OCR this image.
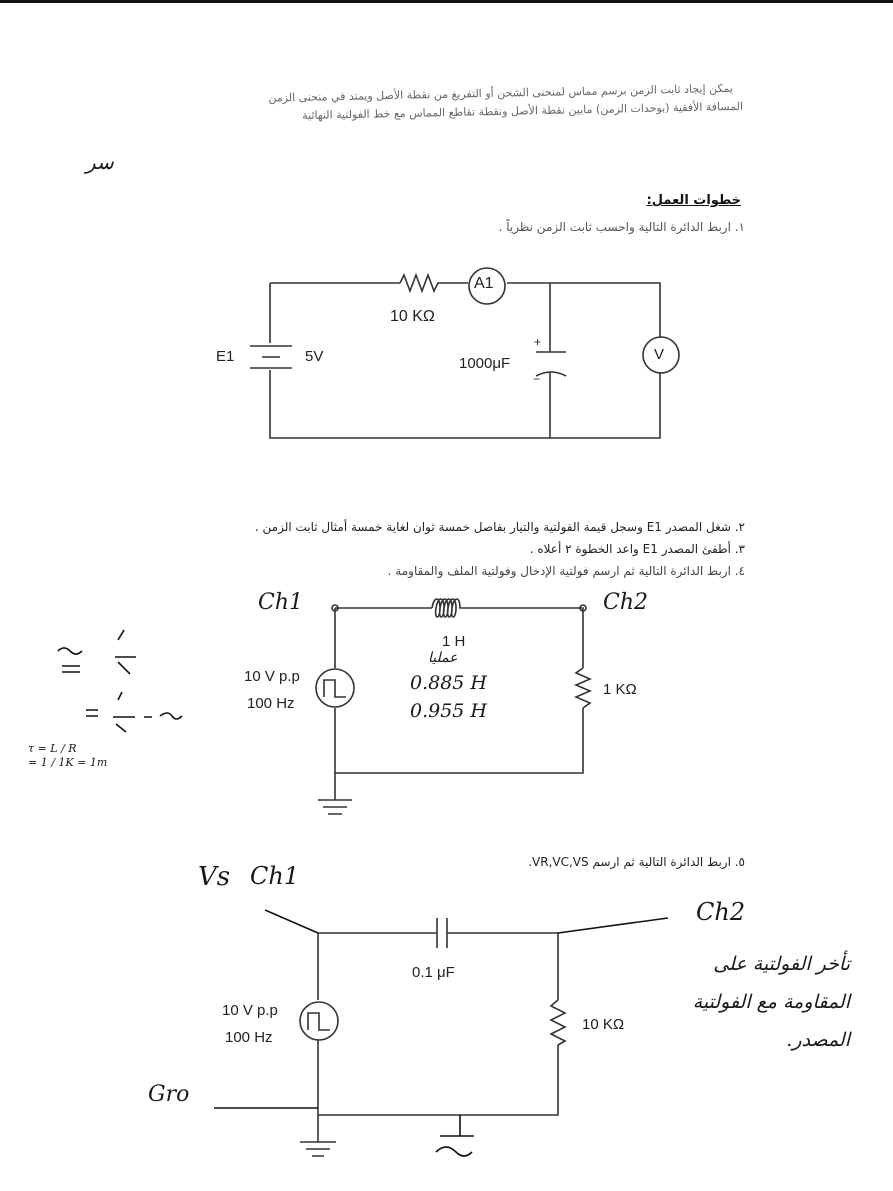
يمكن إيجاد ثابت الزمن برسم مماس لمنحنى الشحن أو التفريغ من نقطة الأصل ويمتد في منحنى الزمن
المسافة الأفقية (بوحدات الزمن) مابين نقطة الأصل ونقطة تقاطع المماس مع خط الفولتية النهائية
سر
خطوات العمل:
١. اربط الدائرة التالية واحسب ثابت الزمن نظرياً .
A1
10 KΩ
E1	5V	1000μF
+
−
V
٢. شغل المصدر E1 وسجل قيمة الفولتية والتيار بفاصل خمسة ثوان لغاية خمسة أمثال ثابت الزمن .
٣. أطفئ المصدر E1 واعد الخطوة ٢ أعلاه .
٤. اربط الدائرة التالية ثم ارسم فولتية الإدخال وفولتية الملف والمقاومة .
Ch1	Ch2
1 H
عمليا
0.885 H
0.955 H
10 V p.p
100 Hz
1 KΩ
τ = L / R
= 1 / 1K = 1m
٥. اربط الدائرة التالية ثم ارسم VR,VC,VS.
Vs Ch1
Ch2
Gro
0.1 μF
10 V p.p
100 Hz
10 KΩ
تأخر الفولتية على المقاومة مع الفولتية المصدر.
